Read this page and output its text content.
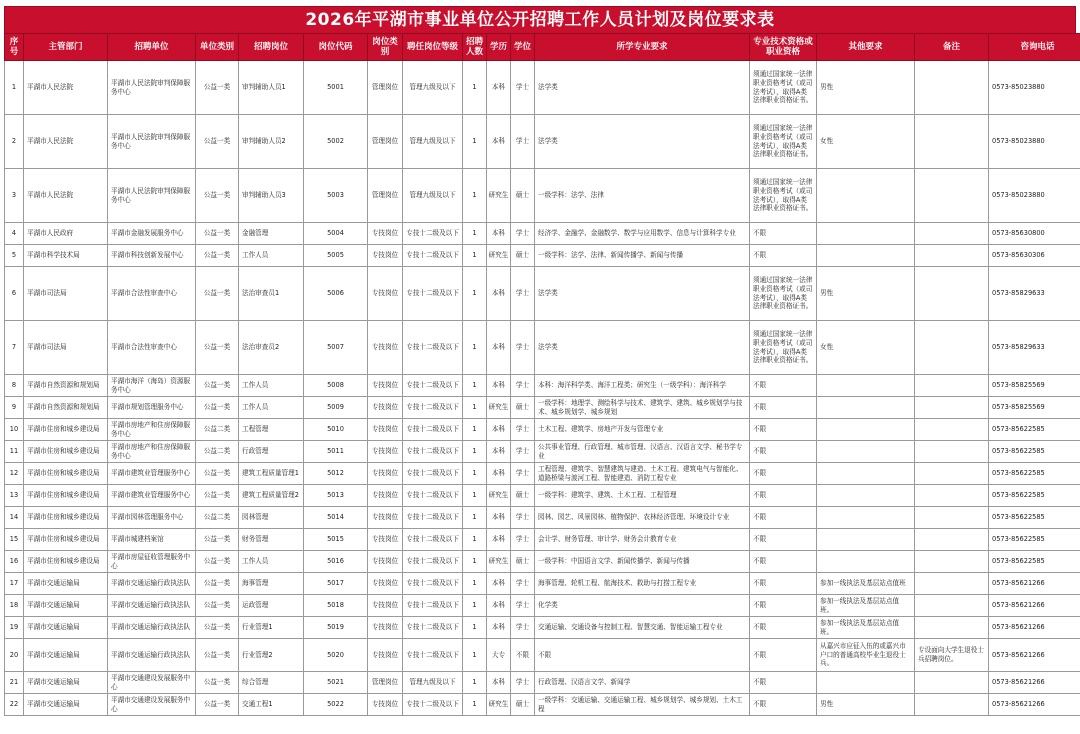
2026年平湖市事业单位公开招聘工作人员计划及岗位要求表
序号	主管部门	招聘单位	单位类别	招聘岗位	岗位代码	岗位类别	聘任岗位等级	招聘人数	学历	学位	所学专业要求	专业技术资格或职业资格	其他要求	备注	咨询电话
1	平湖市人民法院	平湖市人民法院审判保障服务中心	公益一类	审判辅助人员1	5001	管理岗位	管理九级及以下	1	本科	学士	法学类	须通过国家统一法律职业资格考试（或司法考试），取得A类法律职业资格证书。	男性		0573-85023880
2	平湖市人民法院	平湖市人民法院审判保障服务中心	公益一类	审判辅助人员2	5002	管理岗位	管理九级及以下	1	本科	学士	法学类	须通过国家统一法律职业资格考试（或司法考试），取得A类法律职业资格证书。	女性		0573-85023880
3	平湖市人民法院	平湖市人民法院审判保障服务中心	公益一类	审判辅助人员3	5003	管理岗位	管理九级及以下	1	研究生	硕士	一级学科：法学、法律	须通过国家统一法律职业资格考试（或司法考试），取得A类法律职业资格证书。			0573-85023880
4	平湖市人民政府	平湖市金融发展服务中心	公益一类	金融管理	5004	专技岗位	专技十二级及以下	1	本科	学士	经济学、金融学、金融数学、数学与应用数学、信息与计算科学专业	不限			0573-85630800
5	平湖市科学技术局	平湖市科技创新发展中心	公益一类	工作人员	5005	专技岗位	专技十二级及以下	1	研究生	硕士	一级学科：法学、法律、新闻传播学、新闻与传播	不限			0573-85630306
6	平湖市司法局	平湖市合法性审查中心	公益一类	法治审查员1	5006	专技岗位	专技十二级及以下	1	本科	学士	法学类	须通过国家统一法律职业资格考试（或司法考试），取得A类法律职业资格证书。	男性		0573-85829633
7	平湖市司法局	平湖市合法性审查中心	公益一类	法治审查员2	5007	专技岗位	专技十二级及以下	1	本科	学士	法学类	须通过国家统一法律职业资格考试（或司法考试），取得A类法律职业资格证书。	女性		0573-85829633
8	平湖市自然资源和规划局	平湖市海洋（海岛）资源服务中心	公益一类	工作人员	5008	专技岗位	专技十二级及以下	1	本科	学士	本科：海洋科学类、海洋工程类；研究生（一级学科）：海洋科学	不限			0573-85825569
9	平湖市自然资源和规划局	平湖市规划管理服务中心	公益一类	工作人员	5009	专技岗位	专技十二级及以下	1	研究生	硕士	一级学科：地理学、测绘科学与技术、建筑学、建筑、城乡规划学与技术、城乡规划学、城乡规划	不限			0573-85825569
10	平湖市住房和城乡建设局	平湖市房地产和住房保障服务中心	公益二类	工程管理	5010	专技岗位	专技十二级及以下	1	本科	学士	土木工程、建筑学、房地产开发与管理专业	不限			0573-85622585
11	平湖市住房和城乡建设局	平湖市房地产和住房保障服务中心	公益二类	行政管理	5011	专技岗位	专技十二级及以下	1	本科	学士	公共事业管理、行政管理、城市管理、汉语言、汉语言文学、秘书学专业	不限			0573-85622585
12	平湖市住房和城乡建设局	平湖市建筑业管理服务中心	公益一类	建筑工程质量管理1	5012	专技岗位	专技十二级及以下	1	本科	学士	工程管理、建筑学、智慧建筑与建造、土木工程、建筑电气与智能化、道路桥梁与渡河工程、智能建造、消防工程专业	不限			0573-85622585
13	平湖市住房和城乡建设局	平湖市建筑业管理服务中心	公益一类	建筑工程质量管理2	5013	专技岗位	专技十二级及以下	1	研究生	硕士	一级学科：建筑学、建筑、土木工程、工程管理	不限			0573-85622585
14	平湖市住房和城乡建设局	平湖市园林管理服务中心	公益二类	园林管理	5014	专技岗位	专技十二级及以下	1	本科	学士	园林、园艺、风景园林、植物保护、农林经济管理、环境设计专业	不限			0573-85622585
15	平湖市住房和城乡建设局	平湖市城建档案馆	公益一类	财务管理	5015	专技岗位	专技十二级及以下	1	本科	学士	会计学、财务管理、审计学、财务会计教育专业	不限			0573-85622585
16	平湖市住房和城乡建设局	平湖市房屋征收管理服务中心	公益一类	工作人员	5016	专技岗位	专技十二级及以下	1	研究生	硕士	一级学科：中国语言文学、新闻传播学、新闻与传播	不限			0573-85622585
17	平湖市交通运输局	平湖市交通运输行政执法队	公益一类	海事管理	5017	专技岗位	专技十二级及以下	1	本科	学士	海事管理、轮机工程、航海技术、救助与打捞工程专业	不限	参加一线执法及基层站点值班		0573-85621266
18	平湖市交通运输局	平湖市交通运输行政执法队	公益一类	运政管理	5018	专技岗位	专技十二级及以下	1	本科	学士	化学类	不限	参加一线执法及基层站点值班。		0573-85621266
19	平湖市交通运输局	平湖市交通运输行政执法队	公益一类	行业管理1	5019	专技岗位	专技十二级及以下	1	本科	学士	交通运输、交通设备与控制工程、智慧交通、智能运输工程专业	不限	参加一线执法及基层站点值班。		0573-85621266
20	平湖市交通运输局	平湖市交通运输行政执法队	公益一类	行业管理2	5020	专技岗位	专技十二级及以下	1	大专	不限	不限	不限	从嘉兴市应征入伍的或嘉兴市户口的普通高校毕业生退役士兵。	专设面向大学生退役士兵招聘岗位。	0573-85621266
21	平湖市交通运输局	平湖市交通建设发展服务中心	公益一类	综合管理	5021	管理岗位	管理九级及以下	1	本科	学士	行政管理、汉语言文学、新闻学	不限			0573-85621266
22	平湖市交通运输局	平湖市交通建设发展服务中心	公益一类	交通工程1	5022	专技岗位	专技十二级及以下	1	研究生	硕士	一级学科：交通运输、交通运输工程、城乡规划学、城乡规划、土木工程	不限	男性		0573-85621266
